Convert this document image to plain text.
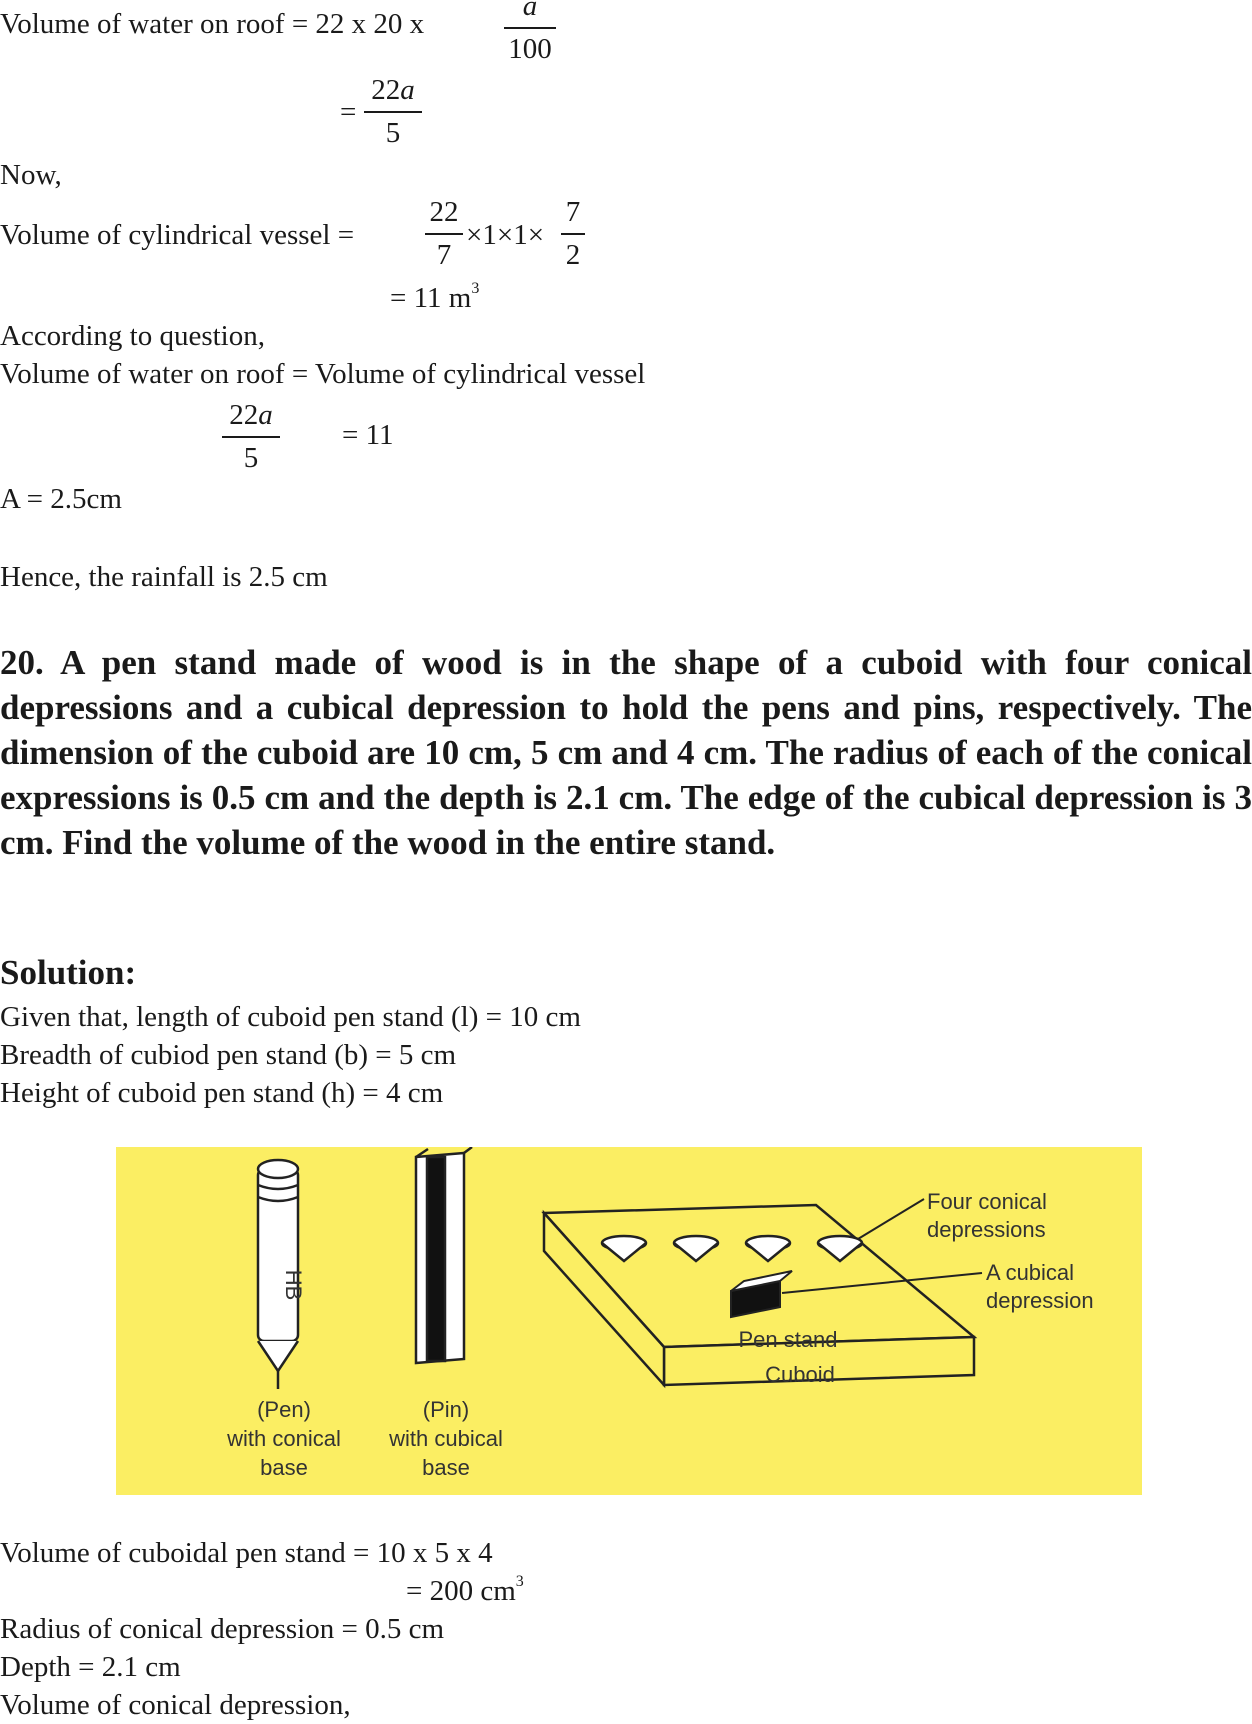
Volume of water on roof = 22 x 20 x
a
100
=
22a
5
Now,
Volume of cylindrical vessel =
22
7
×1×1×
7
2
= 11 $m^3$
According to question,
Volume of water on roof = Volume of cylindrical vessel
22a
5
= 11
A = 2.5cm
Hence, the rainfall is 2.5 cm
20. A pen stand made of wood is in the shape of a cuboid with four conical depressions and a cubical depression to hold the pens and pins, respectively. The dimension of the cuboid are 10 cm, 5 cm and 4 cm. The radius of each of the conical expressions is 0.5 cm and the depth is 2.1 cm. The edge of the cubical depression is 3 cm. Find the volume of the wood in the entire stand.
Solution:
Given that, length of cuboid pen stand (l) = 10 cm
Breadth of cubiod pen stand (b) = 5 cm
Height of cuboid pen stand (h) = 4 cm
HB
(Pen)
with conical
base
(Pin)
with cubical
base
Four conical
depressions
A cubical
depression
Pen stand
Cuboid
Volume of cuboidal pen stand = 10 x 5 x 4
= 200 $cm^3$
Radius of conical depression = 0.5 cm
Depth = 2.1 cm
Volume of conical depression,
